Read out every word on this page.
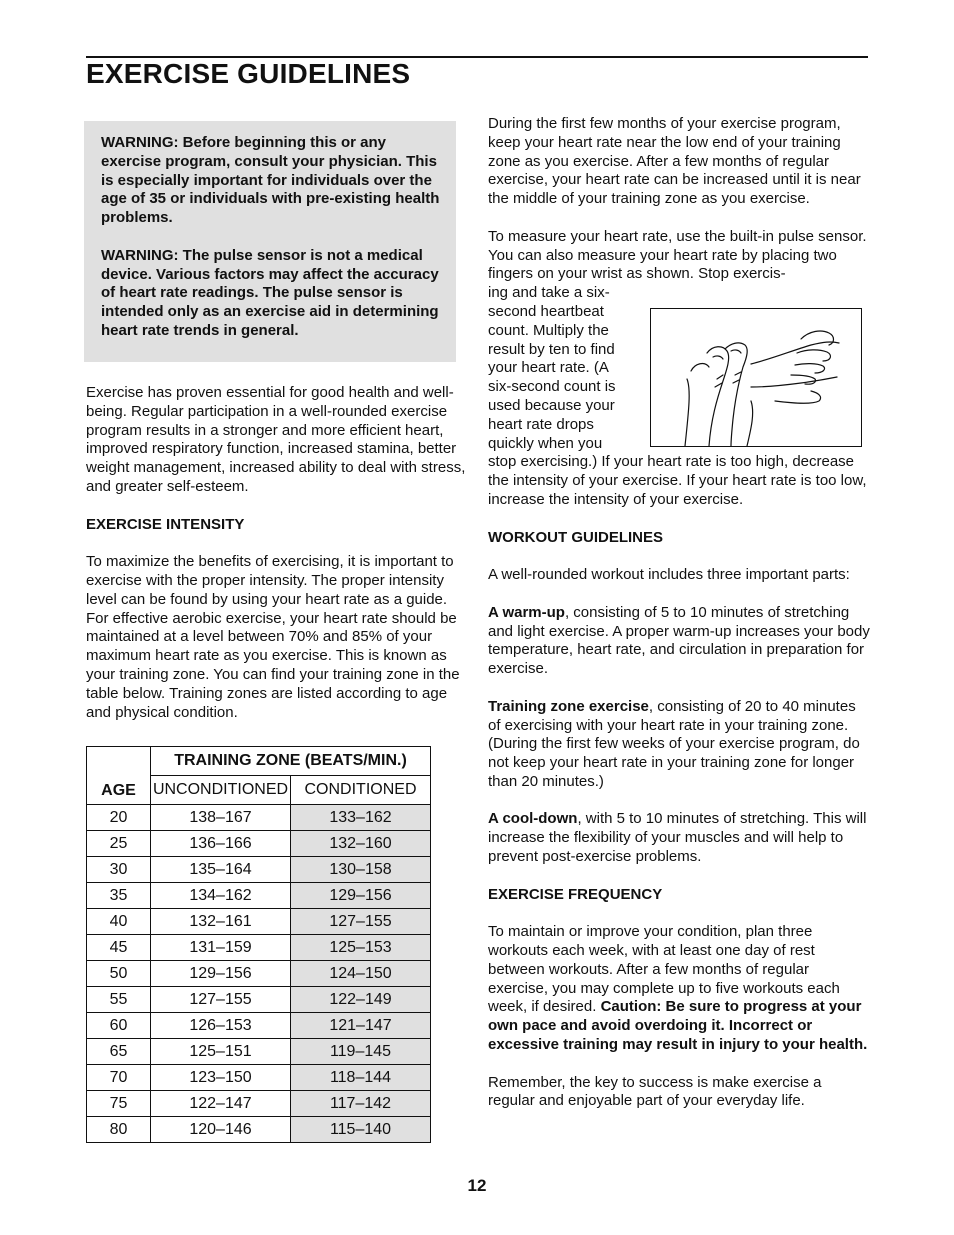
EXERCISE GUIDELINES

WARNING: Before beginning this or any exercise program, consult your physician. This is especially important for individuals over the age of 35 or individuals with pre-existing health problems.

WARNING: The pulse sensor is not a medical device. Various factors may affect the accuracy of heart rate readings. The pulse sensor is intended only as an exercise aid in determining heart rate trends in general.

Exercise has proven essential for good health and well-being. Regular participation in a well-rounded exercise program results in a stronger and more efficient heart, improved respiratory function, increased stamina, better weight management, increased ability to deal with stress, and greater self-esteem.

EXERCISE INTENSITY

To maximize the benefits of exercising, it is important to exercise with the proper intensity. The proper intensity level can be found by using your heart rate as a guide. For effective aerobic exercise, your heart rate should be maintained at a level between 70% and 85% of your maximum heart rate as you exercise. This is known as your training zone. You can find your training zone in the table below. Training zones are listed according to age and physical condition.

AGE	TRAINING ZONE (BEATS/MIN.)	
	UNCONDITIONED	CONDITIONED
20	138–167	133–162
25	136–166	132–160
30	135–164	130–158
35	134–162	129–156
40	132–161	127–155
45	131–159	125–153
50	129–156	124–150
55	127–155	122–149
60	126–153	121–147
65	125–151	119–145
70	123–150	118–144
75	122–147	117–142
80	120–146	115–140

During the first few months of your exercise program, keep your heart rate near the low end of your training zone as you exercise. After a few months of regular exercise, your heart rate can be increased until it is near the middle of your training zone as you exercise.

To measure your heart rate, use the built-in pulse sensor. You can also measure your heart rate by placing two fingers on your wrist as shown. Stop exercis-

ing and take a six-second heartbeat count. Multiply the result by ten to find your heart rate. (A six-second count is used because your heart rate drops quickly when you

stop exercising.) If your heart rate is too high, decrease the intensity of your exercise. If your heart rate is too low, increase the intensity of your exercise.

WORKOUT GUIDELINES

A well-rounded workout includes three important parts:

A warm-up, consisting of 5 to 10 minutes of stretching and light exercise. A proper warm-up increases your body temperature, heart rate, and circulation in preparation for exercise.

Training zone exercise, consisting of 20 to 40 minutes of exercising with your heart rate in your training zone. (During the first few weeks of your exercise program, do not keep your heart rate in your training zone for longer than 20 minutes.)

A cool-down, with 5 to 10 minutes of stretching. This will increase the flexibility of your muscles and will help to prevent post-exercise problems.

EXERCISE FREQUENCY

To maintain or improve your condition, plan three workouts each week, with at least one day of rest between workouts. After a few months of regular exercise, you may complete up to five workouts each week, if desired. Caution: Be sure to progress at your own pace and avoid overdoing it. Incorrect or excessive training may result in injury to your health.

Remember, the key to success is make exercise a regular and enjoyable part of your everyday life.

12
